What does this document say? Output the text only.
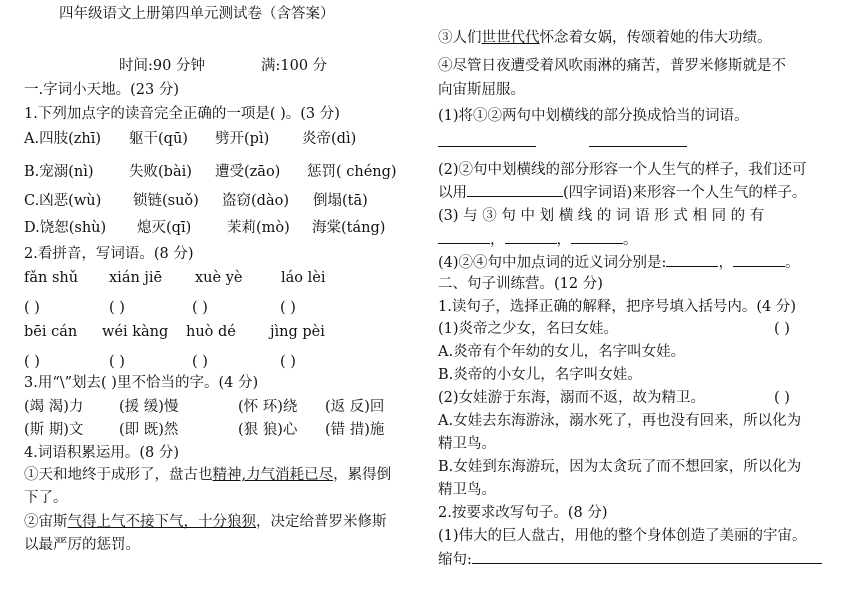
四年级语文上册第四单元测试卷（含答案）
时间:90 分钟	满:100 分
一.字词小天地。(23 分)
1.下列加点字的读音完全正确的一项是( )。(3 分)
A.四肢(zhī) 躯干(qū) 劈开(pì) 炎帝(dì)
B.宠溺(nì) 失败(bài) 遭受(zāo) 惩罚( chéng)
C.凶恶(wù) 锁链(suǒ) 盗窃(dào) 倒塌(tā)
D.饶恕(shù) 熄灭(qī) 茉莉(mò) 海棠(táng)
2.看拼音，写词语。(8 分)
fǎn shǔ xián jiē xuè yè	láo lèi
( )	( )	( )	( )
bēi cán wéi kàng huò dé jìng pèi
( )	( )	( )	( )
3.用“\”划去( )里不恰当的字。(4 分)
(竭 渴)力 (援 缓)慢	(怀 环)绕 (返 反)回
(斯 期)文 (即 既)然	(狠 狼)心 (错 措)施
4.词语积累运用。(8 分)
①天和地终于成形了，盘古也精神,力气消耗已尽，累得倒
下了。
②宙斯气得上气不接下气，十分狼狈，决定给普罗米修斯
以最严厉的惩罚。
③人们世世代代怀念着女娲，传颂着她的伟大功绩。
④尽管日夜遭受着风吹雨淋的痛苦，普罗米修斯就是不
向宙斯屈服。
(1)将①②两句中划横线的部分换成恰当的词语。

(2)②句中划横线的部分形容一个人生气的样子，我们还可
以用	(四字词语)来形容一个人生气的样子。
(3) 与 ③ 句 中 划 横 线 的 词 语 形 式 相 同 的 有
，	，	。
(4)②④句中加点词的近义词分别是:	，	。
二、句子训练营。(12 分)
1.读句子，选择正确的解释，把序号填入括号内。(4 分)
(1)炎帝之少女，名曰女娃。	( )
A.炎帝有个年幼的女儿，名字叫女娃。
B.炎帝的小女儿，名字叫女娃。
(2)女娃游于东海，溺而不返，故为精卫。	( )
A.女娃去东海游泳，溺水死了，再也没有回来，所以化为
精卫鸟。
B.女娃到东海游玩，因为太贪玩了而不想回家，所以化为
精卫鸟。
2.按要求改写句子。(8 分)
(1)伟大的巨人盘古，用他的整个身体创造了美丽的宇宙。
缩句:
